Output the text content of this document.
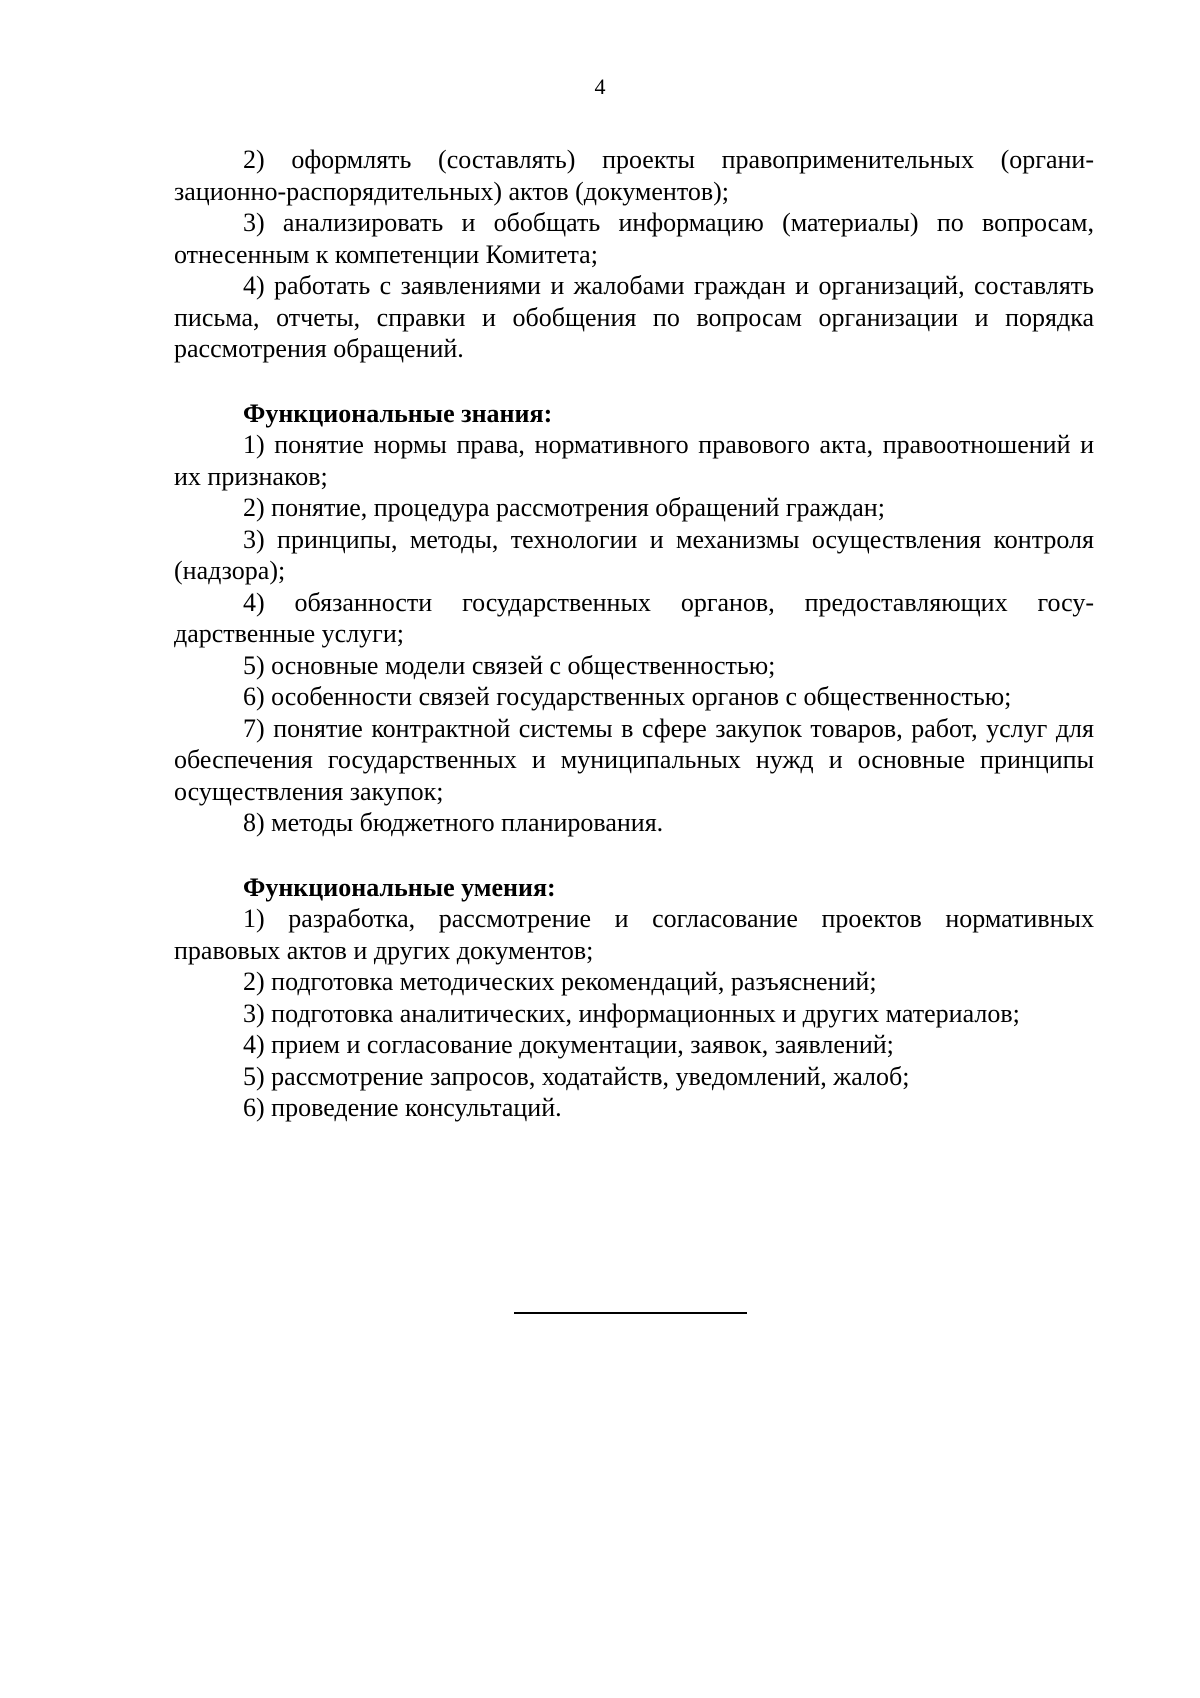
4

2) оформлять (составлять) проекты правоприменительных (организационно-распорядительных) актов (документов);

3) анализировать и обобщать информацию (материалы) по вопросам, отнесенным к компетенции Комитета;

4) работать с заявлениями и жалобами граждан и организаций, составлять письма, отчеты, справки и обобщения по вопросам организации и порядка рассмотрения обращений.

Функциональные знания:

1) понятие нормы права, нормативного правового акта, правоотношений и их признаков;

2) понятие, процедура рассмотрения обращений граждан;

3) принципы, методы, технологии и механизмы осуществления контроля (надзора);

4) обязанности государственных органов, предоставляющих государственные услуги;

5) основные модели связей с общественностью;

6) особенности связей государственных органов с общественностью;

7) понятие контрактной системы в сфере закупок товаров, работ, услуг для обеспечения государственных и муниципальных нужд и основные принципы осуществления закупок;

8) методы бюджетного планирования.

Функциональные умения:

1) разработка, рассмотрение и согласование проектов нормативных правовых актов и других документов;

2) подготовка методических рекомендаций, разъяснений;

3) подготовка аналитических, информационных и других материалов;

4) прием и согласование документации, заявок, заявлений;

5) рассмотрение запросов, ходатайств, уведомлений, жалоб;

6) проведение консультаций.
